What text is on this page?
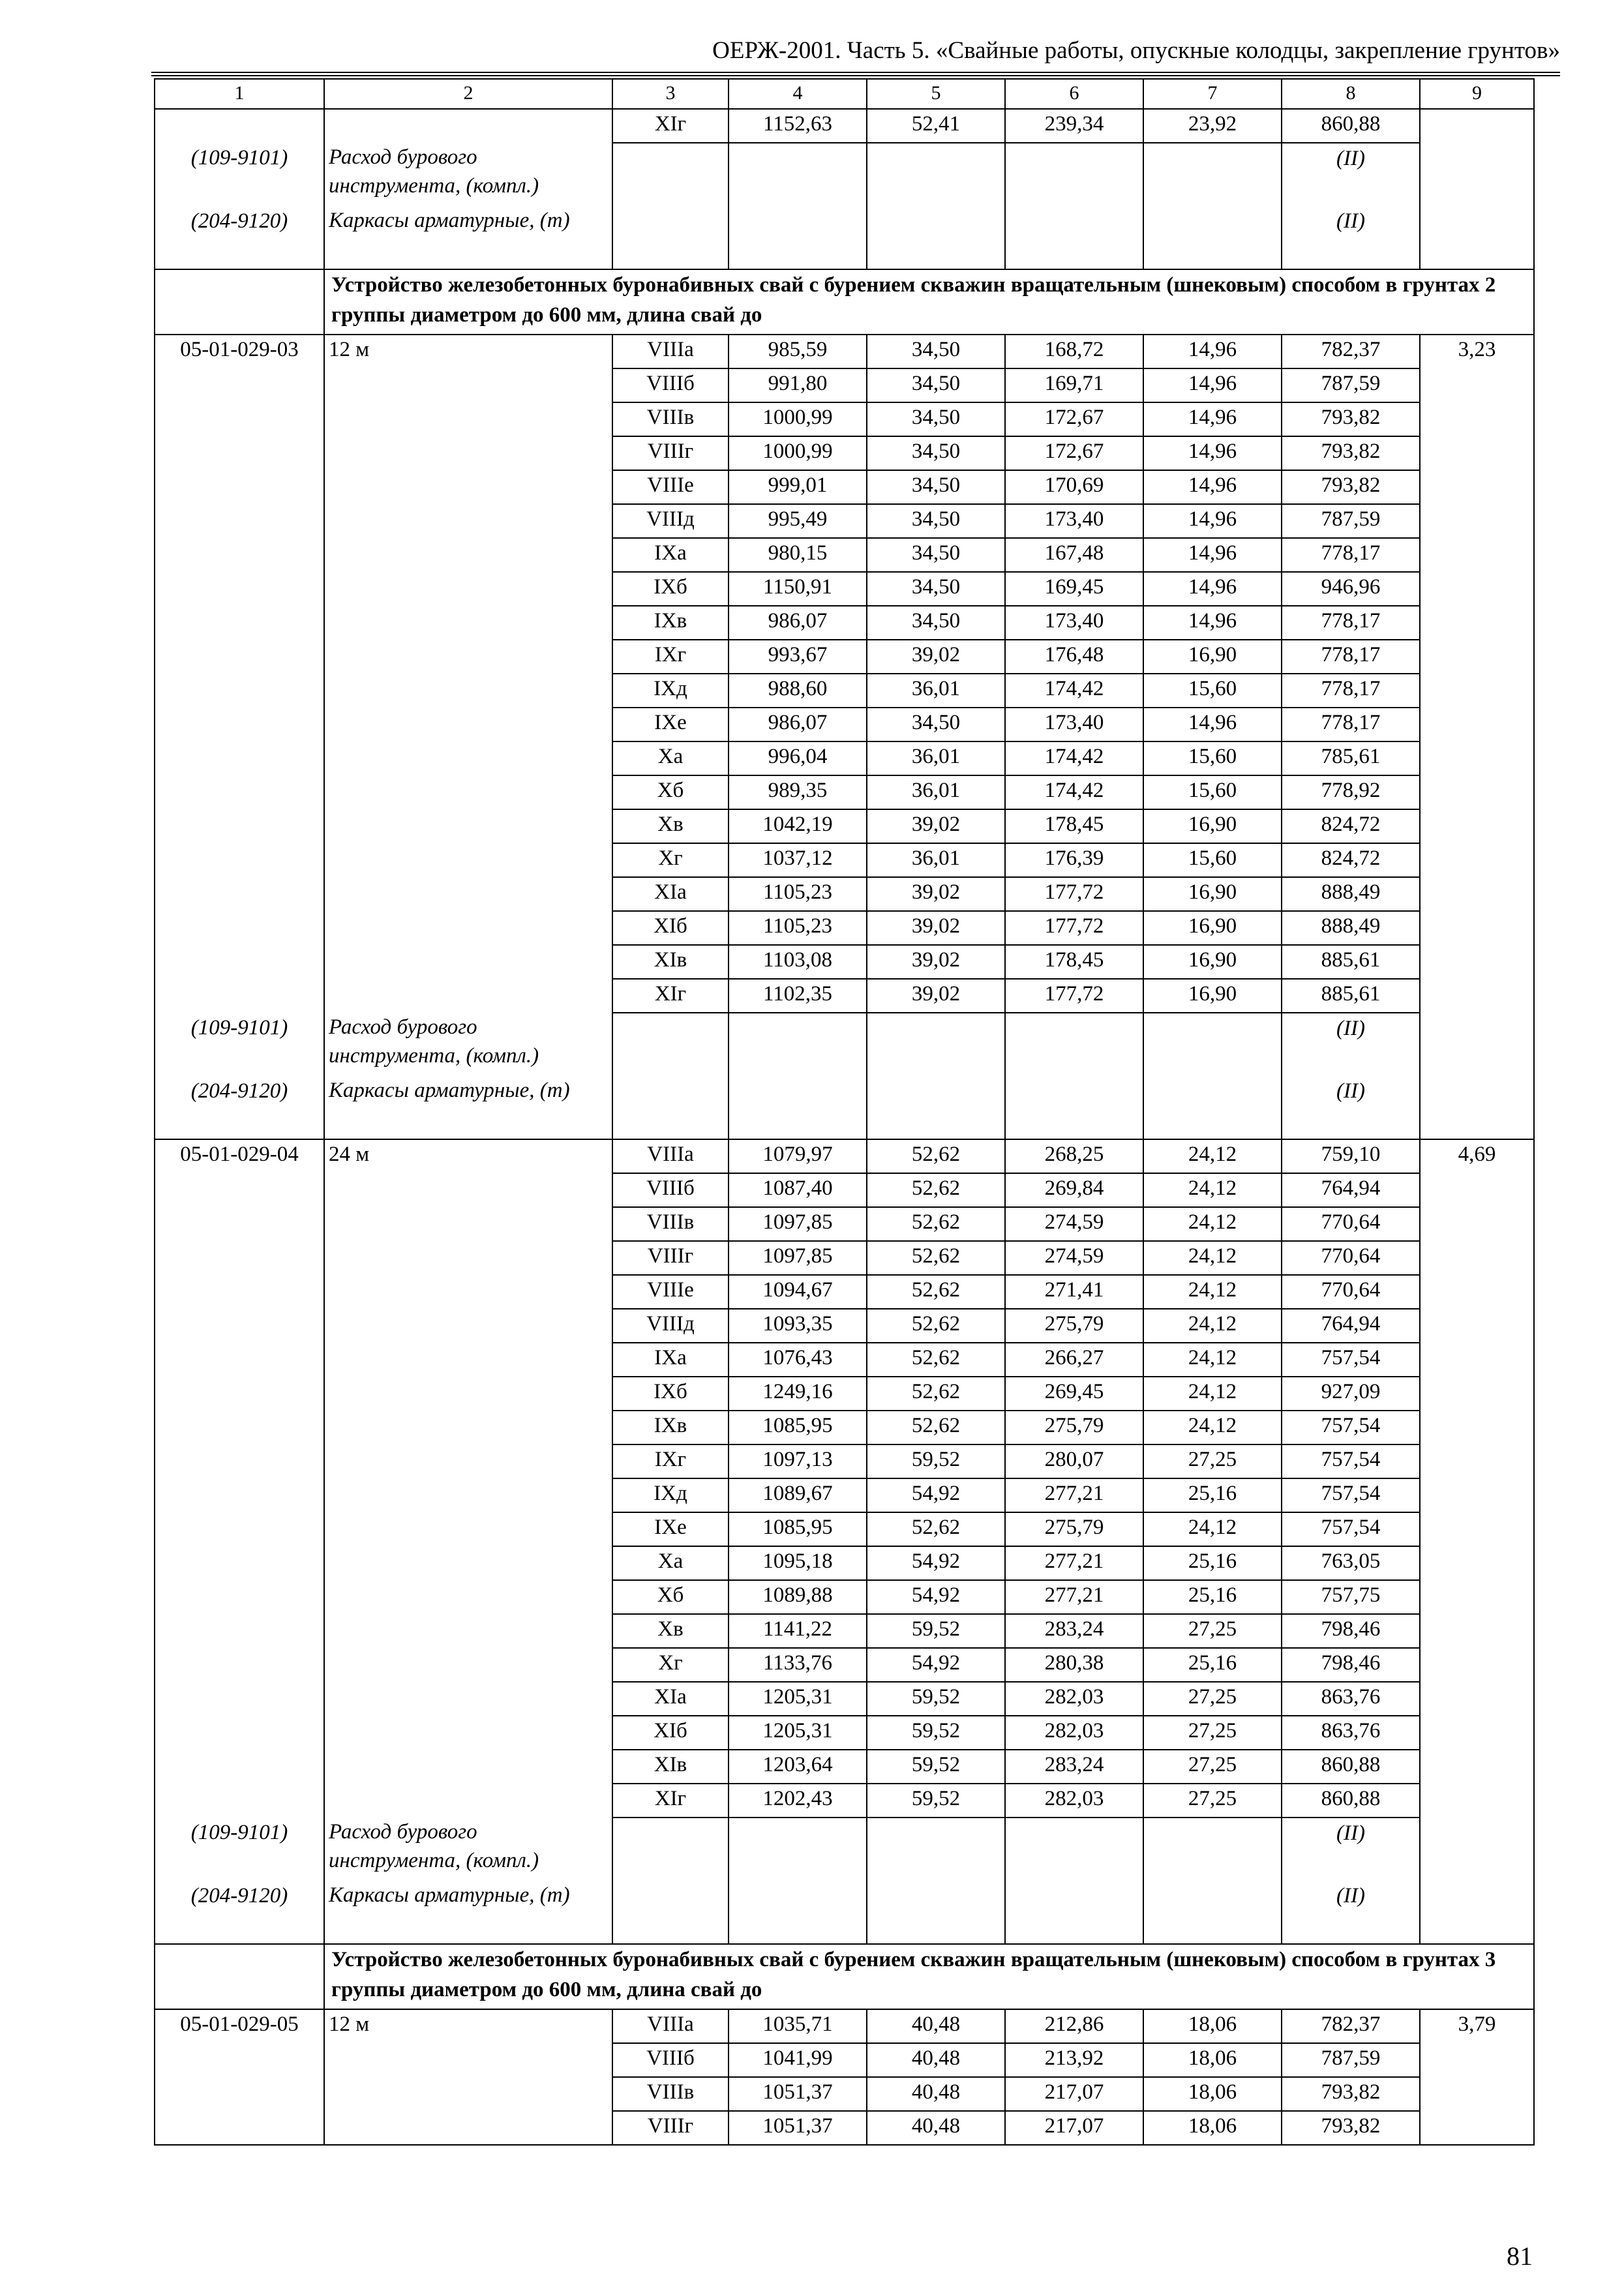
ОЕРЖ-2001. Часть 5. «Свайные работы, опускные колодцы, закрепление грунтов»
1	2	3	4	5	6	7	8	9
		XIг	1152,63	52,41	239,34	23,92	860,88	
(109-9101)	Расход бурового инструмента, (компл.)						(II)	
(204-9120)	Каркасы арматурные, (т)						(II)	
	Устройство железобетонных буронабивных свай с бурением скважин вращательным (шнековым) способом в грунтах 2 группы диаметром до 600 мм, длина свай до							
05-01-029-03	12 м	VIIIа	985,59	34,50	168,72	14,96	782,37	3,23
		VIIIб	991,80	34,50	169,71	14,96	787,59	
		VIIIв	1000,99	34,50	172,67	14,96	793,82	
		VIIIг	1000,99	34,50	172,67	14,96	793,82	
		VIIIе	999,01	34,50	170,69	14,96	793,82	
		VIIIд	995,49	34,50	173,40	14,96	787,59	
		IXа	980,15	34,50	167,48	14,96	778,17	
		IXб	1150,91	34,50	169,45	14,96	946,96	
		IXв	986,07	34,50	173,40	14,96	778,17	
		IXг	993,67	39,02	176,48	16,90	778,17	
		IXд	988,60	36,01	174,42	15,60	778,17	
		IXе	986,07	34,50	173,40	14,96	778,17	
		Xа	996,04	36,01	174,42	15,60	785,61	
		Xб	989,35	36,01	174,42	15,60	778,92	
		Xв	1042,19	39,02	178,45	16,90	824,72	
		Xг	1037,12	36,01	176,39	15,60	824,72	
		XIа	1105,23	39,02	177,72	16,90	888,49	
		XIб	1105,23	39,02	177,72	16,90	888,49	
		XIв	1103,08	39,02	178,45	16,90	885,61	
		XIг	1102,35	39,02	177,72	16,90	885,61	
(109-9101)	Расход бурового инструмента, (компл.)						(II)	
(204-9120)	Каркасы арматурные, (т)						(II)	
05-01-029-04	24 м	VIIIа	1079,97	52,62	268,25	24,12	759,10	4,69
		VIIIб	1087,40	52,62	269,84	24,12	764,94	
		VIIIв	1097,85	52,62	274,59	24,12	770,64	
		VIIIг	1097,85	52,62	274,59	24,12	770,64	
		VIIIе	1094,67	52,62	271,41	24,12	770,64	
		VIIIд	1093,35	52,62	275,79	24,12	764,94	
		IXа	1076,43	52,62	266,27	24,12	757,54	
		IXб	1249,16	52,62	269,45	24,12	927,09	
		IXв	1085,95	52,62	275,79	24,12	757,54	
		IXг	1097,13	59,52	280,07	27,25	757,54	
		IXд	1089,67	54,92	277,21	25,16	757,54	
		IXе	1085,95	52,62	275,79	24,12	757,54	
		Xа	1095,18	54,92	277,21	25,16	763,05	
		Xб	1089,88	54,92	277,21	25,16	757,75	
		Xв	1141,22	59,52	283,24	27,25	798,46	
		Xг	1133,76	54,92	280,38	25,16	798,46	
		XIа	1205,31	59,52	282,03	27,25	863,76	
		XIб	1205,31	59,52	282,03	27,25	863,76	
		XIв	1203,64	59,52	283,24	27,25	860,88	
		XIг	1202,43	59,52	282,03	27,25	860,88	
(109-9101)	Расход бурового инструмента, (компл.)						(II)	
(204-9120)	Каркасы арматурные, (т)						(II)	
	Устройство железобетонных буронабивных свай с бурением скважин вращательным (шнековым) способом в грунтах 3 группы диаметром до 600 мм, длина свай до							
05-01-029-05	12 м	VIIIа	1035,71	40,48	212,86	18,06	782,37	3,79
		VIIIб	1041,99	40,48	213,92	18,06	787,59	
		VIIIв	1051,37	40,48	217,07	18,06	793,82	
		VIIIг	1051,37	40,48	217,07	18,06	793,82	
81
